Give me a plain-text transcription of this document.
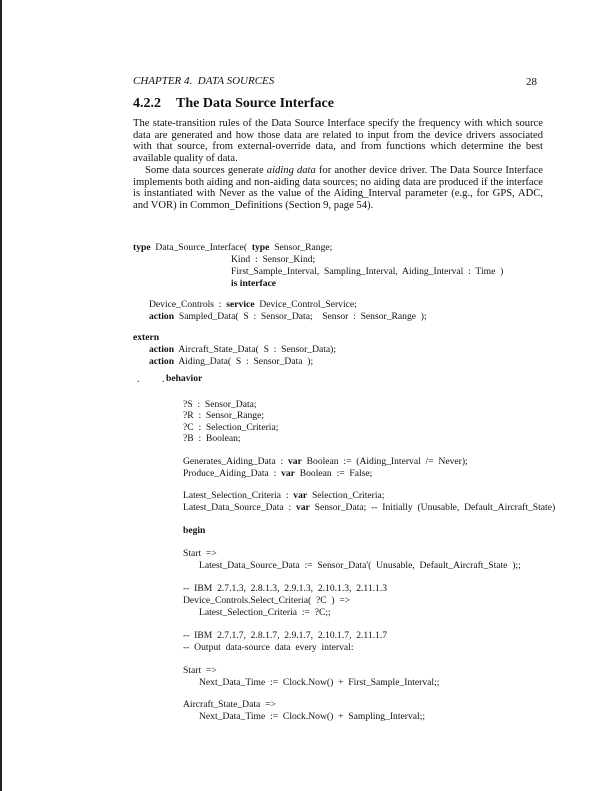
CHAPTER 4.  DATA SOURCES	28
4.2.2 The Data Source Interface

The state-transition rules of the Data Source Interface specify the frequency with which source data are generated and how those data are related to input from the device drivers associated with that source, from external-override data, and from functions which determine the best available quality of data.

Some data sources generate aiding data for another device driver. The Data Source Interface implements both aiding and non-aiding data sources; no aiding data are produced if the interface is instantiated with Never as the value of the Aiding_Interval parameter (e.g., for GPS, ADC, and VOR) in Common_Definitions (Section 9, page 54).

. .
type  Data_Source_Interface(  type  Sensor_Range;
Kind  :  Sensor_Kind;
First_Sample_Interval,  Sampling_Interval,  Aiding_Interval  :  Time  )
is interface
Device_Controls  :  service  Device_Control_Service;
action  Sampled_Data(  S  :  Sensor_Data;    Sensor  :  Sensor_Range  );
extern
action  Aircraft_State_Data(  S  :  Sensor_Data);
action  Aiding_Data(  S  :  Sensor_Data  );
behavior
?S  :  Sensor_Data;
?R  :  Sensor_Range;
?C  :  Selection_Criteria;
?B  :  Boolean;
Generates_Aiding_Data  :  var  Boolean  :=  (Aiding_Interval  /=  Never);
Produce_Aiding_Data  :  var  Boolean  :=  False;
Latest_Selection_Criteria  :  var  Selection_Criteria;
Latest_Data_Source_Data  :  var  Sensor_Data;  --  Initially  (Unusable,  Default_Aircraft_State)
begin
Start  =>
Latest_Data_Source_Data  :=  Sensor_Data'(  Unusable,  Default_Aircraft_State  );;
--  IBM  2.7.1.3,  2.8.1.3,  2.9.1.3,  2.10.1.3,  2.11.1.3
Device_Controls.Select_Criteria(  ?C  )  =>
Latest_Selection_Criteria  :=  ?C;;
--  IBM  2.7.1.7,  2.8.1.7,  2.9.1.7,  2.10.1.7,  2.11.1.7
--  Output  data-source  data  every  interval:
Start  =>
Next_Data_Time  :=  Clock.Now()  +  First_Sample_Interval;;
Aircraft_State_Data  =>
Next_Data_Time  :=  Clock.Now()  +  Sampling_Interval;;
